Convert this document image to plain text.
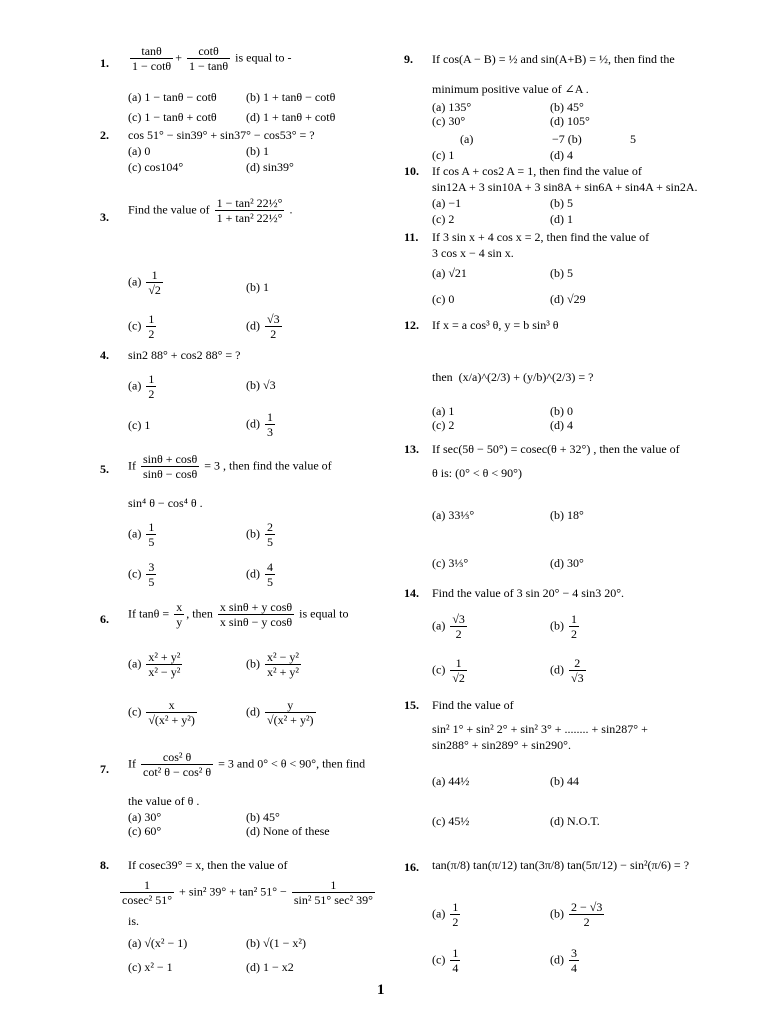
1. $\frac{\tan\theta}{1 - \cot\theta} + \frac{\cot\theta}{1 - \tan\theta}$ is equal to -
(a) 1 − tanθ − cotθ (b) 1 + tanθ − cotθ
(c) 1 − tanθ + cotθ (d) 1 + tanθ + cotθ
2. cos 51° − sin39° + sin37° − cos53° = ?
(a) 0	(b) 1
(c) cos104°	(d) sin39°
3.
Find the value of $\frac{\text{1 − tan² 22½°}}{\text{1 + tan² 22½°}}$ .
$(a) \frac{1}{√2}$	(b) 1
$(c) \frac{1}{2}$	$(d) \frac{√3}{2}$
4. sin2 88° + cos2 88° = ?
$(a) \frac{1}{2}$	(b) √3
(c) 1	$(d) \frac{1}{3}$
5. If $\frac{\sin\theta + \cos\theta}{\sin\theta - \cos\theta} = 3$ , then find the value of
sin⁴ θ − cos⁴ θ .
$(a) \frac{1}{5}$	$(b) \frac{2}{5}$
$(c) \frac{3}{5}$	$(d) \frac{4}{5}$
6. If $\tan\theta = \frac{x}{y}$ , then $\frac{\text{x sinθ + y cosθ}}{\text{x sinθ − y cosθ}}$ is equal to
$(a) \frac{\text{x² + y²}}{\text{x² − y²}}$	$(b) \frac{\text{x² − y²}}{\text{x² + y²}}$
$(c) \frac{x}{\text{√(x² + y²)}}$	$(d) \frac{y}{\text{√(x² + y²)}}$
7. If $\frac{\text{cos² θ}}{\text{cot² θ − cos² θ}} = 3$ and 0° < θ < 90°, then find
the value of θ .
(a) 30°	(b) 45°
(c) 60°	(d) None of these
8. If cosec39° = x, then the value of
$\frac{1}{\text{cosec² 51°}} + \sin^2$ 39° + tan² $51^\circ - \frac{1}{\text{sin² 51° sec² 39°}}$
is.
(a) √(x² − 1)	(b) √(1 − x²)
(c) x² − 1	(d) 1 − x2
9. If cos(A − B) = ½ and sin(A+B) = ½, then find the
minimum positive value of ∠A .
(a) 135°	(b) 45°
(c) 30°	(d) 105°
(a)	−7 (b)	5
(c) 1	(d) 4
10. If cos A + cos2 A = 1, then find the value of
sin12A + 3 sin10A + 3 sin8A + sin6A + sin4A + sin2A.
(a) −1	(b) 5
(c) 2	(d) 1
11. If 3 sin x + 4 cos x = 2, then find the value of
3 cos x − 4 sin x.
(a) √21	(b) 5
(c) 0	(d) √29
12. If x = a cos³ θ, y = b sin³ θ
then (x/a)^(2/3) + (y/b)^(2/3) = ?
(a) 1	(b) 0
(c) 2	(d) 4
13. If sec(5θ − 50°) = cosec(θ + 32°) , then the value of
θ is: (0° < θ < 90°)
(a) 33⅓°	(b) 18°
(c) 3⅓°	(d) 30°
14. Find the value of 3 sin 20° − 4 sin3 20°.
$(a) \frac{√3}{2}$	$(b) \frac{1}{2}$
$(c) \frac{1}{√2}$	$(d) \frac{2}{√3}$
15. Find the value of
sin² 1° + sin² 2° + sin² 3° + ........ + sin287° +
sin288° + sin289° + sin290°.
(a) 44½	(b) 44
(c) 45½	(d) N.O.T.
16. tan(π/8) tan(π/12) tan(3π/8) tan(5π/12) − sin²(π/6) = ?
$(a) \frac{1}{2}$	$(b) \frac{2 - √3}{2}$
$(c) \frac{1}{4}$	$(d) \frac{3}{4}$
1
